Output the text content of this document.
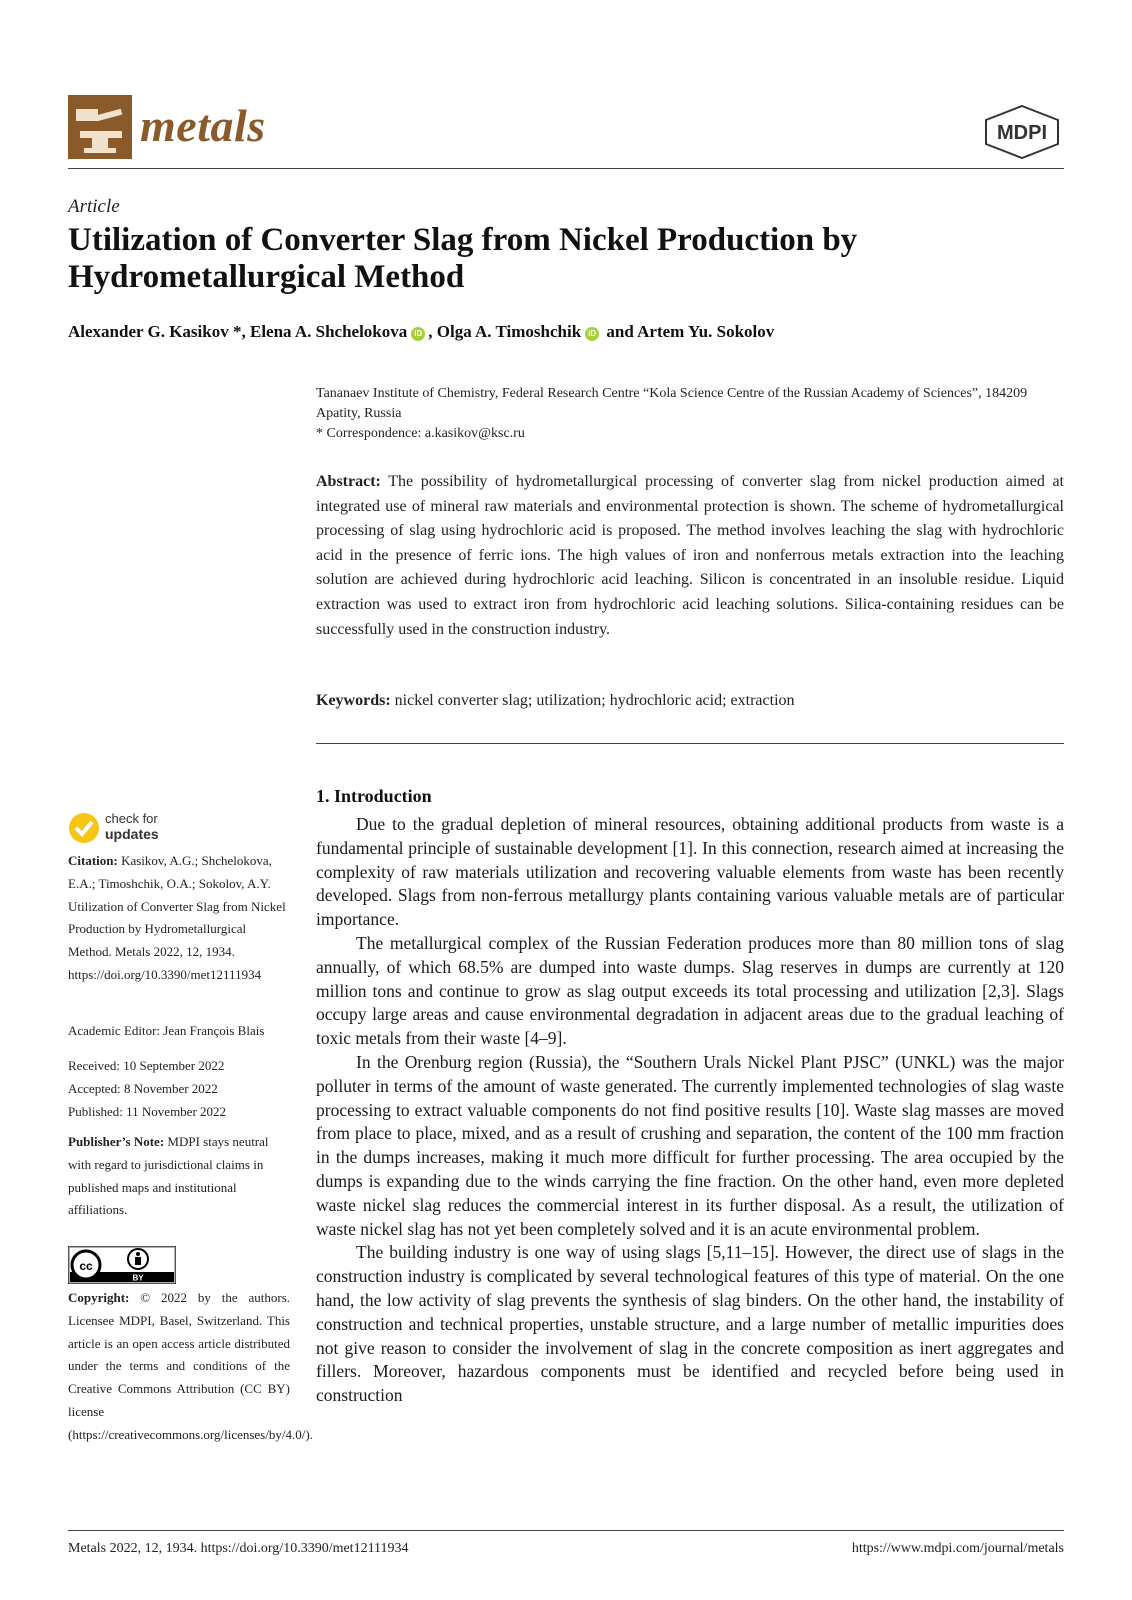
metals	MDPI
Article
Utilization of Converter Slag from Nickel Production by Hydrometallurgical Method
Alexander G. Kasikov *, Elena A. Shchelokova iD , Olga A. Timoshchik iD and Artem Yu. Sokolov
Tananaev Institute of Chemistry, Federal Research Centre “Kola Science Centre of the Russian Academy of Sciences”, 184209 Apatity, Russia
* Correspondence: a.kasikov@ksc.ru
Abstract: The possibility of hydrometallurgical processing of converter slag from nickel production aimed at integrated use of mineral raw materials and environmental protection is shown. The scheme of hydrometallurgical processing of slag using hydrochloric acid is proposed. The method involves leaching the slag with hydrochloric acid in the presence of ferric ions. The high values of iron and nonferrous metals extraction into the leaching solution are achieved during hydrochloric acid leaching. Silicon is concentrated in an insoluble residue. Liquid extraction was used to extract iron from hydrochloric acid leaching solutions. Silica-containing residues can be successfully used in the construction industry.
Keywords: nickel converter slag; utilization; hydrochloric acid; extraction
check for
updates
Citation: Kasikov, A.G.; Shchelokova, E.A.; Timoshchik, O.A.; Sokolov, A.Y. Utilization of Converter Slag from Nickel Production by Hydrometallurgical Method. Metals 2022, 12, 1934. https://doi.org/10.3390/met12111934
Academic Editor: Jean François Blais
Received: 10 September 2022
Accepted: 8 November 2022
Published: 11 November 2022
Publisher’s Note: MDPI stays neutral with regard to jurisdictional claims in published maps and institutional affiliations.
cc
BY
Copyright: © 2022 by the authors. Licensee MDPI, Basel, Switzerland. This article is an open access article distributed under the terms and conditions of the Creative Commons Attribution (CC BY) license (https://creativecommons.org/licenses/by/4.0/).
1. Introduction

Due to the gradual depletion of mineral resources, obtaining additional products from waste is a fundamental principle of sustainable development [1]. In this connection, research aimed at increasing the complexity of raw materials utilization and recovering valuable elements from waste has been recently developed. Slags from non-ferrous metallurgy plants containing various valuable metals are of particular importance.

The metallurgical complex of the Russian Federation produces more than 80 million tons of slag annually, of which 68.5% are dumped into waste dumps. Slag reserves in dumps are currently at 120 million tons and continue to grow as slag output exceeds its total processing and utilization [2,3]. Slags occupy large areas and cause environmental degradation in adjacent areas due to the gradual leaching of toxic metals from their waste [4–9].

In the Orenburg region (Russia), the “Southern Urals Nickel Plant PJSC” (UNKL) was the major polluter in terms of the amount of waste generated. The currently implemented technologies of slag waste processing to extract valuable components do not find positive results [10]. Waste slag masses are moved from place to place, mixed, and as a result of crushing and separation, the content of the 100 mm fraction in the dumps increases, making it much more difficult for further processing. The area occupied by the dumps is expanding due to the winds carrying the fine fraction. On the other hand, even more depleted waste nickel slag reduces the commercial interest in its further disposal. As a result, the utilization of waste nickel slag has not yet been completely solved and it is an acute environmental problem.

The building industry is one way of using slags [5,11–15]. However, the direct use of slags in the construction industry is complicated by several technological features of this type of material. On the one hand, the low activity of slag prevents the synthesis of slag binders. On the other hand, the instability of construction and technical properties, unstable structure, and a large number of metallic impurities does not give reason to consider the involvement of slag in the concrete composition as inert aggregates and fillers. Moreover, hazardous components must be identified and recycled before being used in construction

Metals 2022, 12, 1934. https://doi.org/10.3390/met12111934	https://www.mdpi.com/journal/metals
